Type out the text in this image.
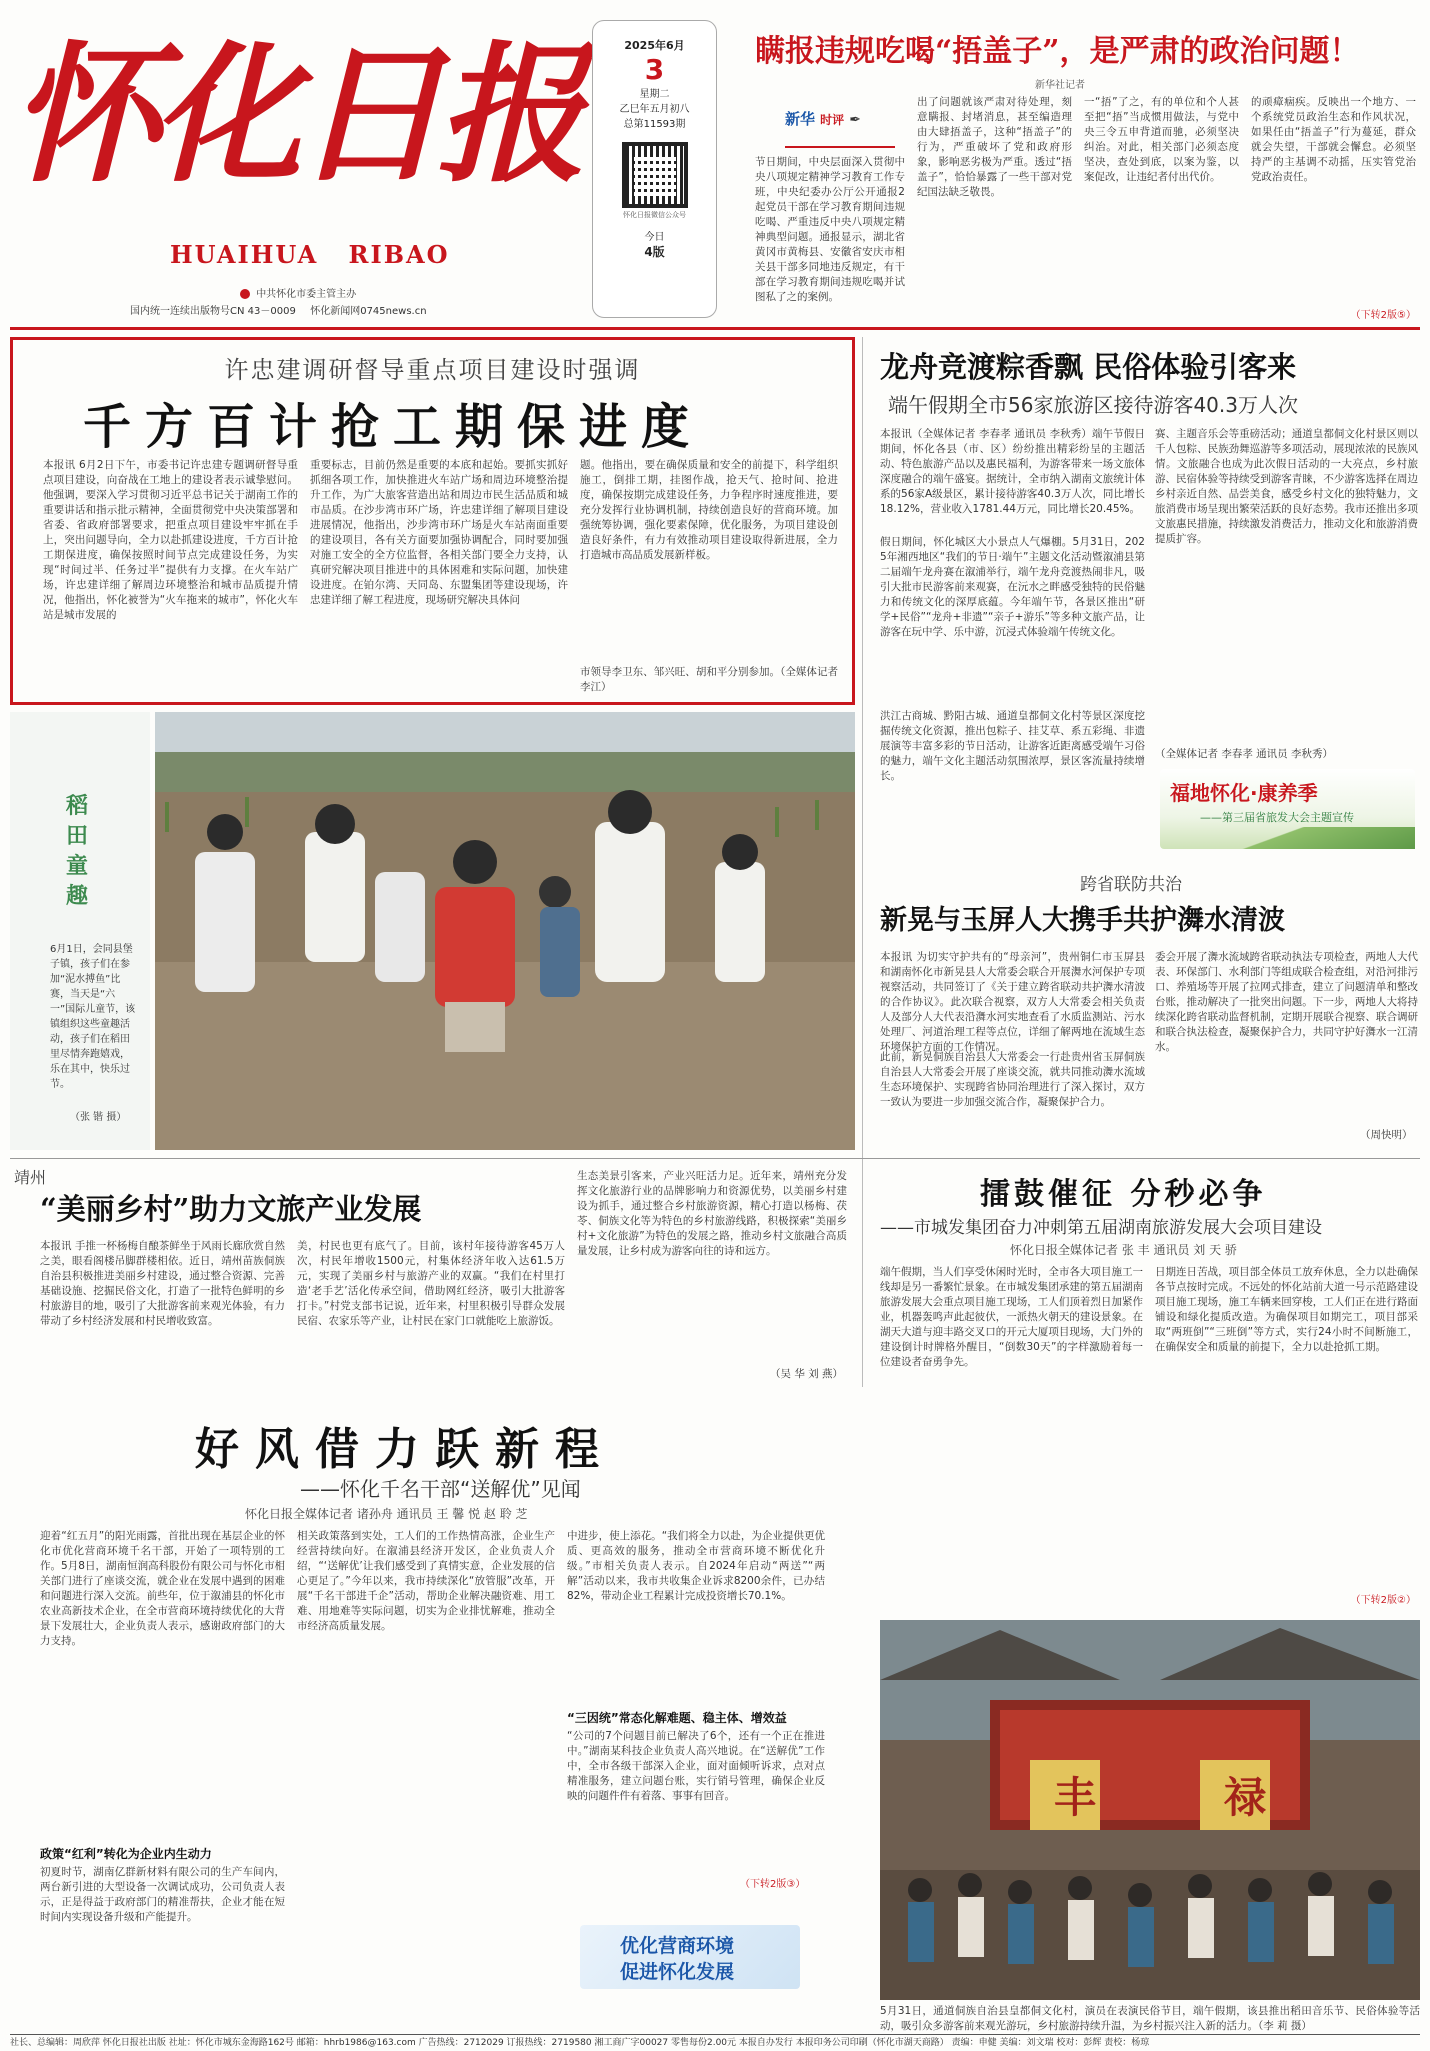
怀化日报
HUAIHUA RIBAO
中共怀化市委主管主办
国内统一连续出版物号CN 43－0009 怀化新闻网0745news.cn
2025年6月
3
星期二
乙巳年五月初八
总第11593期
怀化日报微信公众号
今日
4版
瞒报违规吃喝“捂盖子”，是严肃的政治问题！
新华社记者
新华 时评 ✒
节日期间，中央层面深入贯彻中央八项规定精神学习教育工作专班，中央纪委办公厅公开通报2起党员干部在学习教育期间违规吃喝、严重违反中央八项规定精神典型问题。通报显示，湖北省黄冈市黄梅县、安徽省安庆市相关县干部多同地违反规定，有干部在学习教育期间违规吃喝并试图私了之的案例。
出了问题就该严肃对待处理，刻意瞒报、封堵消息，甚至编造理由大肆捂盖子，这种“捂盖子”的行为，严重破坏了党和政府形象，影响恶劣极为严重。透过“捂盖子”，恰恰暴露了一些干部对党纪国法缺乏敬畏。
一“捂”了之，有的单位和个人甚至把“捂”当成惯用做法，与党中央三令五申背道而驰，必须坚决纠治。对此，相关部门必须态度坚决，查处到底，以案为鉴，以案促改，让违纪者付出代价。
的顽瘴痼疾。反映出一个地方、一个系统党员政治生态和作风状况，如果任由“捂盖子”行为蔓延，群众就会失望，干部就会懈怠。必须坚持严的主基调不动摇，压实管党治党政治责任。
（下转2版⑤）
许忠建调研督导重点项目建设时强调
千方百计抢工期保进度
本报讯 6月2日下午，市委书记许忠建专题调研督导重点项目建设，向奋战在工地上的建设者表示诚挚慰问。他强调，要深入学习贯彻习近平总书记关于湖南工作的重要讲话和指示批示精神，全面贯彻党中央决策部署和省委、省政府部署要求，把重点项目建设牢牢抓在手上，突出问题导向，全力以赴抓建设进度，千方百计抢工期保进度，确保按照时间节点完成建设任务，为实现“时间过半、任务过半”提供有力支撑。在火车站广场，许忠建详细了解周边环境整治和城市品质提升情况，他指出，怀化被誉为“火车拖来的城市”，怀化火车站是城市发展的
重要标志，目前仍然是重要的本底和起始。要抓实抓好抓细各项工作，加快推进火车站广场和周边环境整治提升工作，为广大旅客营造出站和周边市民生活品质和城市品质。在沙步湾市环广场，许忠建详细了解项目建设进展情况，他指出，沙步湾市环广场是火车站南面重要的建设项目，各有关方面要加强协调配合，同时要加强对施工安全的全方位监督，各相关部门要全力支持，认真研究解决项目推进中的具体困难和实际问题，加快建设进度。在铂尔湾、天同岛、东盟集团等建设现场，许忠建详细了解工程进度，现场研究解决具体问
题。他指出，要在确保质量和安全的前提下，科学组织施工，倒排工期，挂图作战，抢天气、抢时间、抢进度，确保按期完成建设任务，力争程序时速度推进，要充分发挥行业协调机制，持续创造良好的营商环境。加强统筹协调，强化要素保障，优化服务，为项目建设创造良好条件，有力有效推动项目建设取得新进展，全力打造城市高品质发展新样板。
市领导李卫东、邹兴旺、胡和平分别参加。（全媒体记者 李江）
龙舟竞渡粽香飘 民俗体验引客来
端午假期全市56家旅游区接待游客40.3万人次
本报讯（全媒体记者 李春孝 通讯员 李秋秀）端午节假日期间，怀化各县（市、区）纷纷推出精彩纷呈的主题活动、特色旅游产品以及惠民福利，为游客带来一场文旅体深度融合的端午盛宴。据统计，全市纳入湖南文旅统计体系的56家A级景区，累计接待游客40.3万人次，同比增长18.12%，营业收入1781.44万元，同比增长20.45%。
假日期间，怀化城区大小景点人气爆棚。5月31日，2025年湘西地区“我们的节日·端午”主题文化活动暨溆浦县第二届端午龙舟赛在溆浦举行，端午龙舟竞渡热闹非凡，吸引大批市民游客前来观赛，在沅水之畔感受独特的民俗魅力和传统文化的深厚底蕴。今年端午节，各景区推出“研学+民俗”“龙舟+非遗”“亲子+游乐”等多种文旅产品，让游客在玩中学、乐中游，沉浸式体验端午传统文化。
洪江古商城、黔阳古城、通道皇都侗文化村等景区深度挖掘传统文化资源，推出包粽子、挂艾草、系五彩绳、非遗展演等丰富多彩的节日活动，让游客近距离感受端午习俗的魅力，端午文化主题活动氛围浓厚，景区客流量持续增长。
赛、主题音乐会等重磅活动；通道皇都侗文化村景区则以千人包粽、民族劲舞巡游等多项活动，展现浓浓的民族风情。文旅融合也成为此次假日活动的一大亮点，乡村旅游、民宿体验等持续受到游客青睐，不少游客选择在周边乡村亲近自然、品尝美食，感受乡村文化的独特魅力，文旅消费市场呈现出繁荣活跃的良好态势。我市还推出多项文旅惠民措施，持续激发消费活力，推动文化和旅游消费提质扩容。
（全媒体记者 李春孝 通讯员 李秋秀）
福地怀化·康养季
——第三届省旅发大会主题宣传
稻田童趣
6月1日，会同县堡子镇，孩子们在参加“泥水搏鱼”比赛，当天是“六一”国际儿童节，该镇组织这些童趣活动，孩子们在稻田里尽情奔跑嬉戏，乐在其中，快乐过节。
（张 锴 摄）
跨省联防共治
新晃与玉屏人大携手共护㵲水清波
本报讯 为切实守护共有的“母亲河”，贵州铜仁市玉屏县和湖南怀化市新晃县人大常委会联合开展㵲水河保护专项视察活动，共同签订了《关于建立跨省联动共护㵲水清波的合作协议》。此次联合视察，双方人大常委会相关负责人及部分人大代表沿㵲水河实地查看了水质监测站、污水处理厂、河道治理工程等点位，详细了解两地在流域生态环境保护方面的工作情况。
此前，新晃侗族自治县人大常委会一行赴贵州省玉屏侗族自治县人大常委会开展了座谈交流，就共同推动㵲水流域生态环境保护、实现跨省协同治理进行了深入探讨，双方一致认为要进一步加强交流合作，凝聚保护合力。
委会开展了㵲水流域跨省联动执法专项检查，两地人大代表、环保部门、水利部门等组成联合检查组，对沿河排污口、养殖场等开展了拉网式排查，建立了问题清单和整改台账，推动解决了一批突出问题。下一步，两地人大将持续深化跨省联动监督机制，定期开展联合视察、联合调研和联合执法检查，凝聚保护合力，共同守护好㵲水一江清水。
（周快明）
靖州
“美丽乡村”助力文旅产业发展
本报讯 手推一杯杨梅自酿茶鲜坐于风雨长廊欣赏自然之美，眼看阁楼吊脚群楼相依。近日，靖州苗族侗族自治县积极推进美丽乡村建设，通过整合资源、完善基础设施、挖掘民俗文化，打造了一批特色鲜明的乡村旅游目的地，吸引了大批游客前来观光体验，有力带动了乡村经济发展和村民增收致富。
美，村民也更有底气了。目前，该村年接待游客45万人次，村民年增收1500元，村集体经济年收入达61.5万元，实现了美丽乡村与旅游产业的双赢。“我们在村里打造‘老手艺’活化传承空间，借助网红经济，吸引大批游客打卡。”村党支部书记说，近年来，村里积极引导群众发展民宿、农家乐等产业，让村民在家门口就能吃上旅游饭。
生态美景引客来，产业兴旺活力足。近年来，靖州充分发挥文化旅游行业的品牌影响力和资源优势，以美丽乡村建设为抓手，通过整合乡村旅游资源，精心打造以杨梅、茯苓、侗族文化等为特色的乡村旅游线路，积极探索“美丽乡村+文化旅游”为特色的发展之路，推动乡村文旅融合高质量发展，让乡村成为游客向往的诗和远方。
（吴 华 刘 燕）
擂鼓催征 分秒必争
——市城发集团奋力冲刺第五届湖南旅游发展大会项目建设
怀化日报全媒体记者 张 丰 通讯员 刘 天 骄
端午假期，当人们享受休闲时光时，全市各大项目施工一线却是另一番繁忙景象。在市城发集团承建的第五届湖南旅游发展大会重点项目施工现场，工人们顶着烈日加紧作业，机器轰鸣声此起彼伏，一派热火朝天的建设景象。在湖天大道与迎丰路交叉口的开元大厦项目现场，大门外的建设倒计时牌格外醒目，“倒数30天”的字样激励着每一位建设者奋勇争先。
日期连日苦战，项目部全体员工放弃休息，全力以赴确保各节点按时完成。不远处的怀化站前大道一号示范路建设项目施工现场，施工车辆来回穿梭，工人们正在进行路面铺设和绿化提质改造。为确保项目如期完工，项目部采取“两班倒”“三班倒”等方式，实行24小时不间断施工，在确保安全和质量的前提下，全力以赴抢抓工期。
（下转2版②）
好风借力跃新程
——怀化千名干部“送解优”见闻
怀化日报全媒体记者 诸孙舟 通讯员 王 馨 悦 赵 聆 芝
迎着“红五月”的阳光雨露，首批出现在基层企业的怀化市优化营商环境千名干部，开始了一项特别的工作。5月8日，湖南恒润高科股份有限公司与怀化市相关部门进行了座谈交流，就企业在发展中遇到的困难和问题进行深入交流。前些年，位于溆浦县的怀化市农业高新技术企业，在全市营商环境持续优化的大背景下发展壮大，企业负责人表示，感谢政府部门的大力支持。
政策“红利”转化为企业内生动力
初夏时节，湖南亿群新材料有限公司的生产车间内，两台新引进的大型设备一次调试成功，公司负责人表示，正是得益于政府部门的精准帮扶，企业才能在短时间内实现设备升级和产能提升。
相关政策落到实处，工人们的工作热情高涨，企业生产经营持续向好。在溆浦县经济开发区，企业负责人介绍，“‘送解优’让我们感受到了真情实意，企业发展的信心更足了。”今年以来，我市持续深化“放管服”改革，开展“千名干部进千企”活动，帮助企业解决融资难、用工难、用地难等实际问题，切实为企业排忧解难，推动全市经济高质量发展。
中进步，使上添花。“我们将全力以赴，为企业提供更优质、更高效的服务，推动全市营商环境不断优化升级。”市相关负责人表示。自2024年启动“两送”“两解”活动以来，我市共收集企业诉求8200余件，已办结82%，带动企业工程累计完成投资增长70.1%。
“三因统”常态化解难题、稳主体、增效益
“公司的7个问题目前已解决了6个，还有一个正在推进中。”湖南某科技企业负责人高兴地说。在“送解优”工作中，全市各级干部深入企业，面对面倾听诉求，点对点精准服务，建立问题台账，实行销号管理，确保企业反映的问题件件有着落、事事有回音。
（下转2版③）
优化营商环境
促进怀化发展
丰	禄
5月31日，通道侗族自治县皇都侗文化村，演员在表演民俗节目，端午假期，该县推出稻田音乐节、民俗体验等活动，吸引众多游客前来观光游玩，乡村旅游持续升温，为乡村振兴注入新的活力。（李 莉 摄）
社长、总编辑：周欣萍 怀化日报社出版 社址：怀化市城东金海路162号 邮箱：hhrb1986@163.com 广告热线：2712029 订报热线：2719580 湘工商广字00027 零售每份2.00元 本报自办发行 本报印务公司印刷（怀化市湖天商路） 责编：申健 美编：刘文瑞 校对：彭辉 责校：杨琼
